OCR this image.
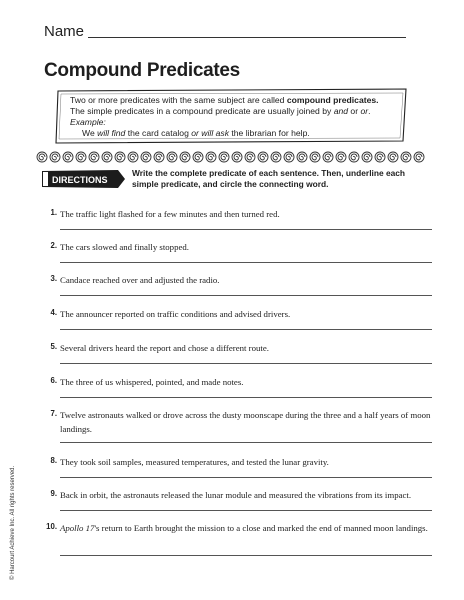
Name
Compound Predicates
Two or more predicates with the same subject are called compound predicates.
The simple predicates in a compound predicate are usually joined by and or or.
Example:
We will find the card catalog or will ask the librarian for help.
DIRECTIONS
Write the complete predicate of each sentence. Then, underline each simple predicate, and circle the connecting word.
1. The traffic light flashed for a few minutes and then turned red.
2. The cars slowed and finally stopped.
3. Candace reached over and adjusted the radio.
4. The announcer reported on traffic conditions and advised drivers.
5. Several drivers heard the report and chose a different route.
6. The three of us whispered, pointed, and made notes.
7. Twelve astronauts walked or drove across the dusty moonscape during the three and a half years of moon landings.
8. They took soil samples, measured temperatures, and tested the lunar gravity.
9. Back in orbit, the astronauts released the lunar module and measured the vibrations from its impact.
10. Apollo 17's return to Earth brought the mission to a close and marked the end of manned moon landings.
© Harcourt Achieve Inc. All rights reserved.
